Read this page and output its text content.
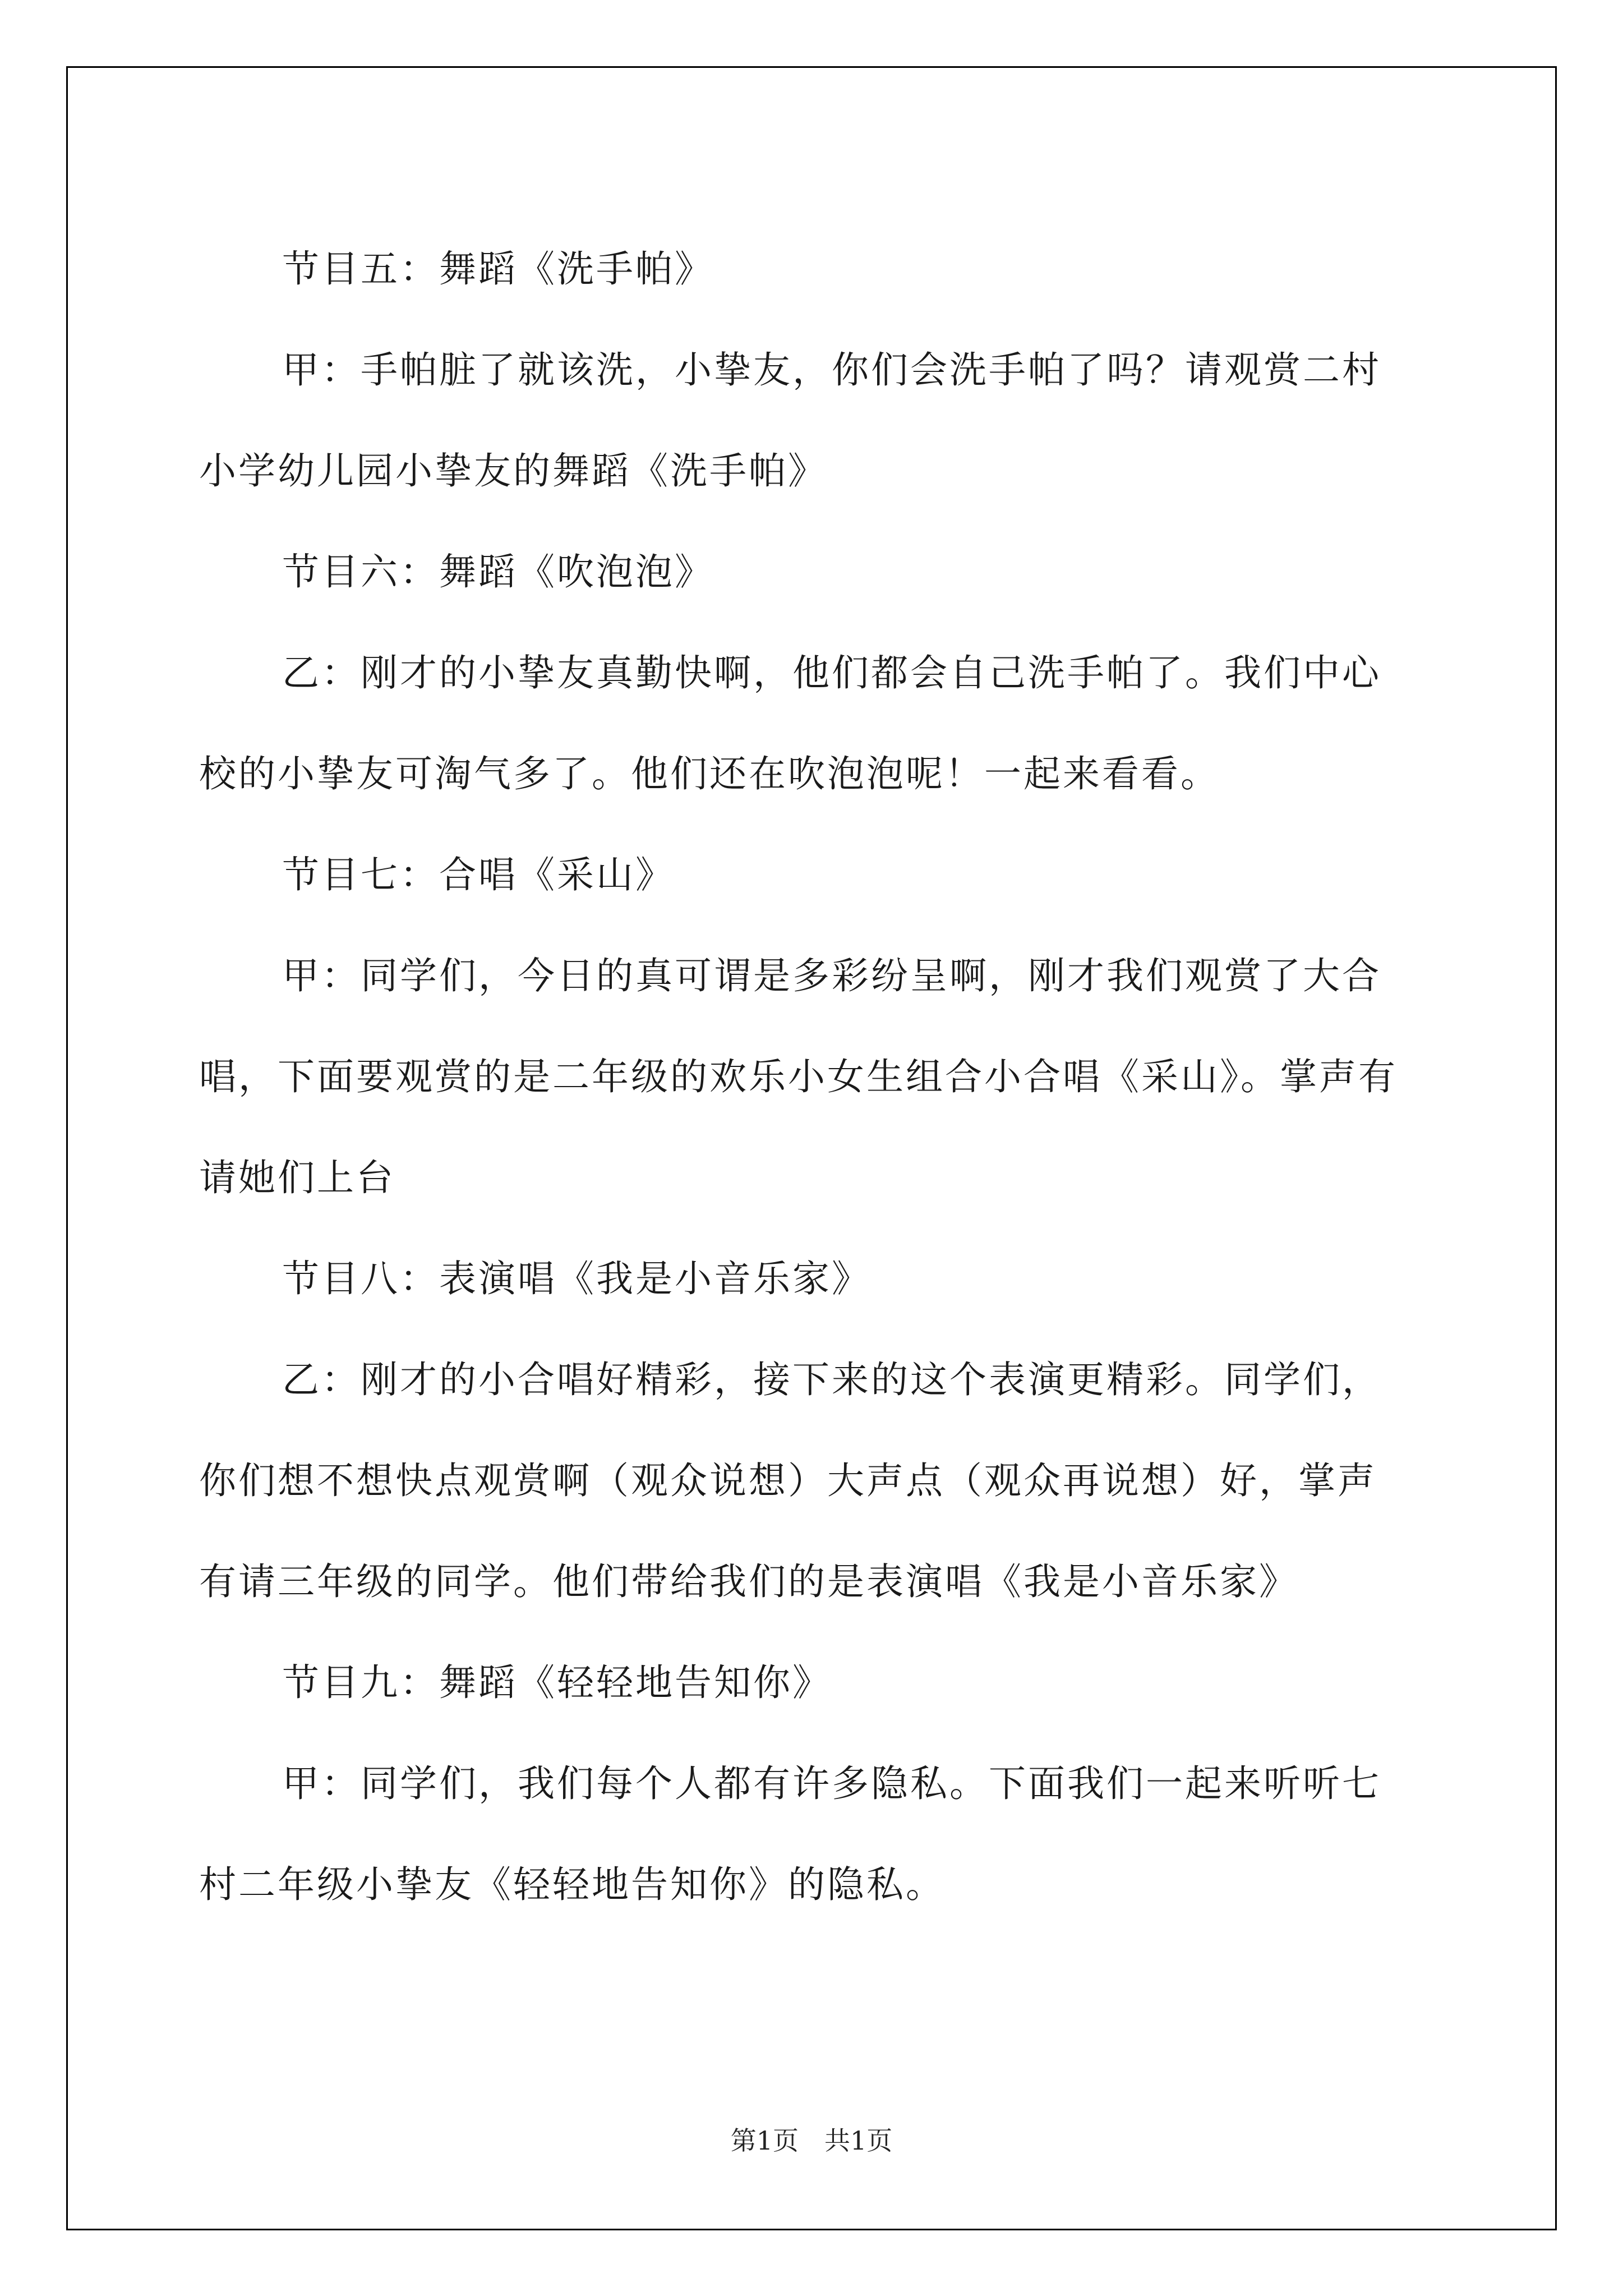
节目五：舞蹈《洗手帕》
甲：手帕脏了就该洗，小挚友，你们会洗手帕了吗？请观赏二村
小学幼儿园小挚友的舞蹈《洗手帕》
节目六：舞蹈《吹泡泡》
乙：刚才的小挚友真勤快啊，他们都会自己洗手帕了。我们中心
校的小挚友可淘气多了。他们还在吹泡泡呢！一起来看看。
节目七：合唱《采山》
甲：同学们，今日的真可谓是多彩纷呈啊，刚才我们观赏了大合
唱，下面要观赏的是二年级的欢乐小女生组合小合唱《采山》。掌声有
请她们上台
节目八：表演唱《我是小音乐家》
乙：刚才的小合唱好精彩，接下来的这个表演更精彩。同学们，
你们想不想快点观赏啊（观众说想）大声点（观众再说想）好，掌声
有请三年级的同学。他们带给我们的是表演唱《我是小音乐家》
节目九：舞蹈《轻轻地告知你》
甲：同学们，我们每个人都有许多隐私。下面我们一起来听听七
村二年级小挚友《轻轻地告知你》的隐私。
第1页　共1页
